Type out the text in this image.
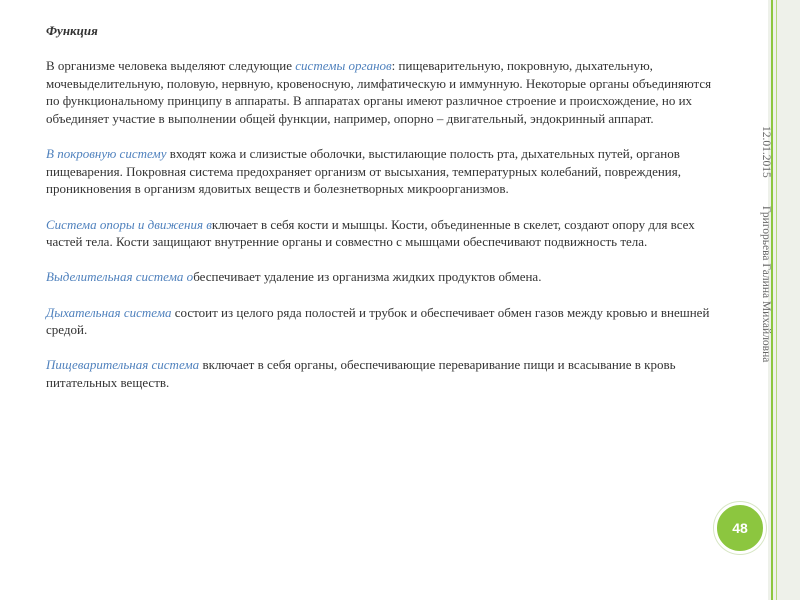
Функция

В организме человека выделяют следующие системы органов: пищеварительную, покровную, дыхательную, мочевыделительную, половую, нервную, кровеносную, лимфатическую и иммунную. Некоторые органы объединяются по функциональному принципу в аппараты. В аппаратах органы имеют различное строение и происхождение, но их объединяет участие в выполнении общей функции, например, опорно – двигательный, эндокринный аппарат.

В покровную систему входят кожа и слизистые оболочки, выстилающие полость рта, дыхательных путей, органов пищеварения. Покровная система предохраняет организм от высыхания, температурных колебаний, повреждения, проникновения в организм ядовитых веществ и болезнетворных микроорганизмов.

Система опоры и движения включает в себя кости и мышцы. Кости, объединенные в скелет, создают опору для всех частей тела. Кости защищают внутренние органы и совместно с мышцами обеспечивают подвижность тела.

Выделительная система обеспечивает удаление из организма жидких продуктов обмена.

Дыхательная система состоит из целого ряда полостей и трубок и обеспечивает обмен газов между кровью и внешней средой.

Пищеварительная система включает в себя органы, обеспечивающие переваривание пищи и всасывание в кровь питательных веществ.

12.01.2015
Григорьева Галина Михайловна
48
